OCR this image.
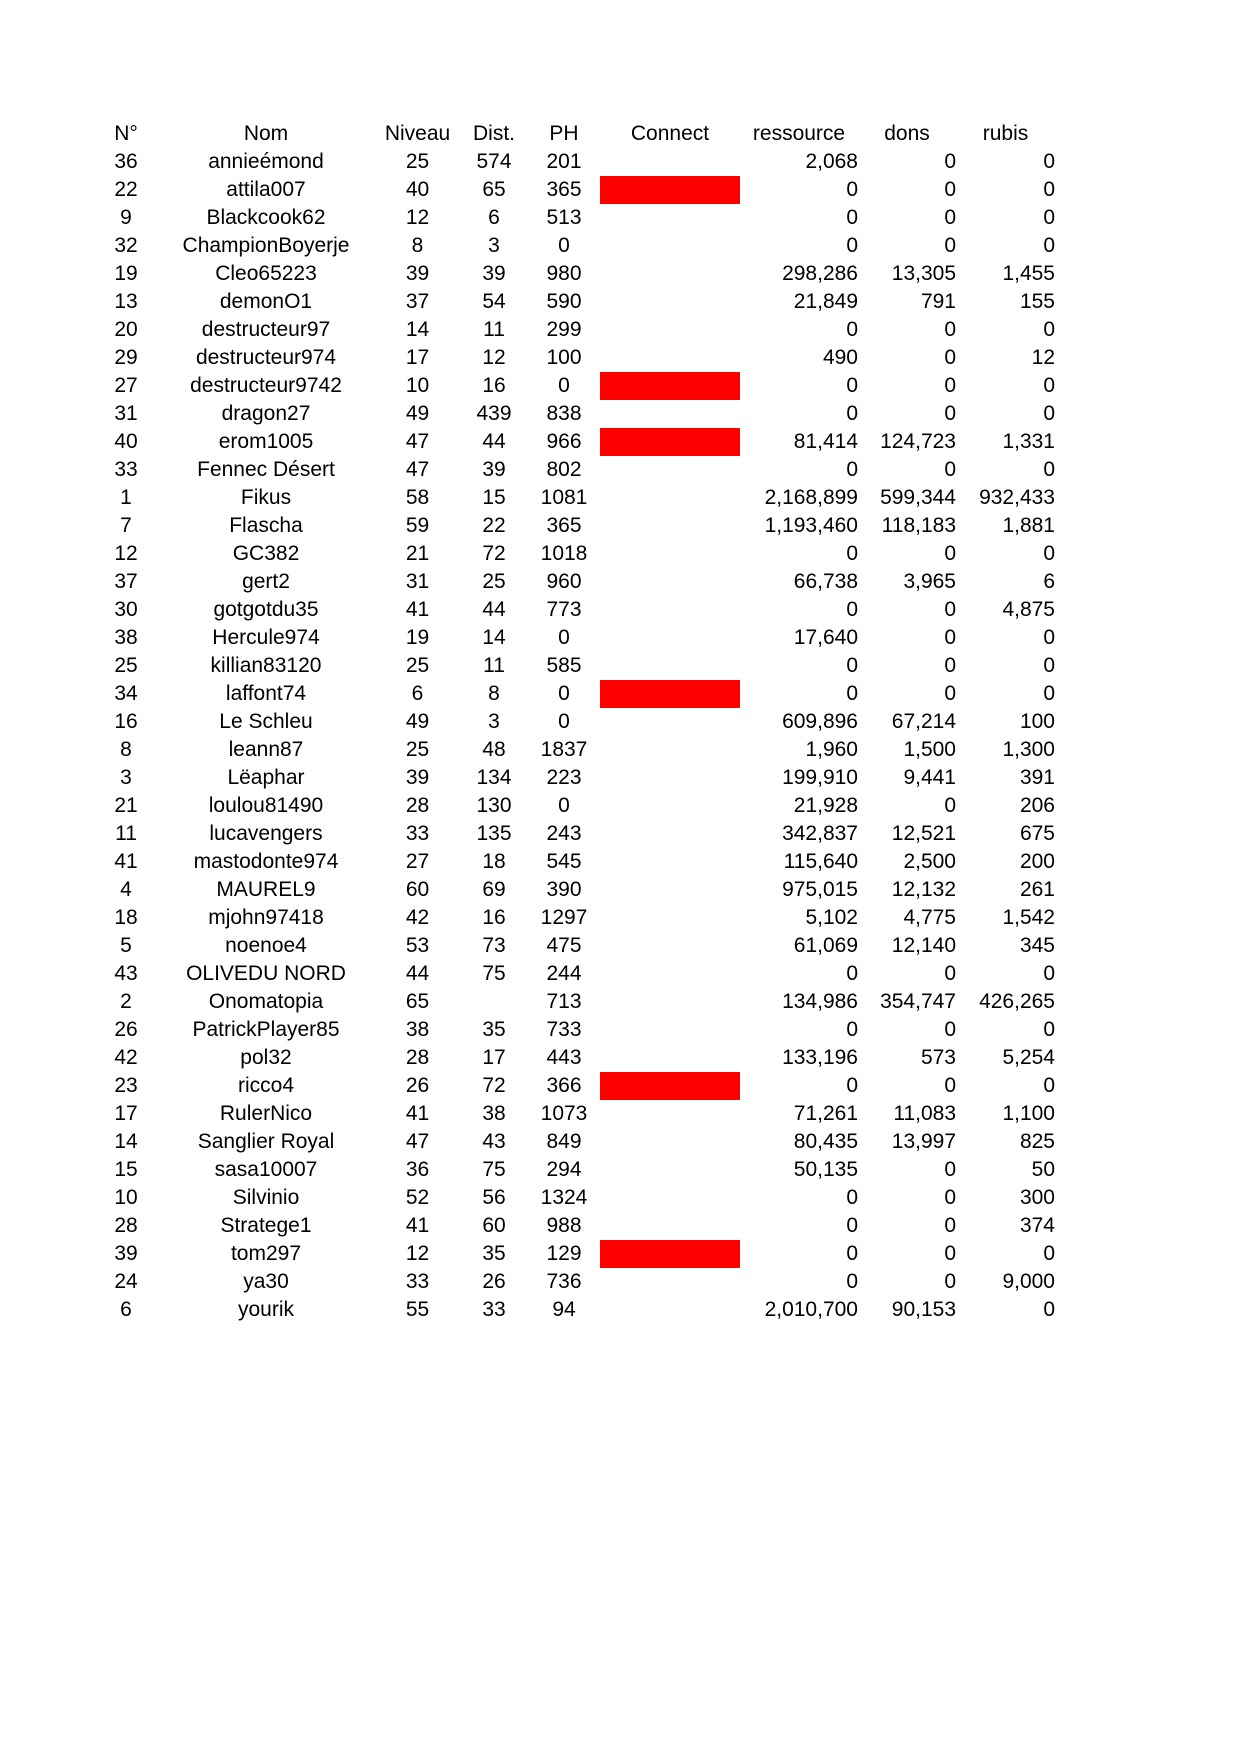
N°	Nom	Niveau	Dist.	PH	Connect	ressource	dons	rubis
36	annieémond	25	574	201		2,068	0	0
22	attila007	40	65	365		0	0	0
9	Blackcook62	12	6	513		0	0	0
32	ChampionBoyerje	8	3	0		0	0	0
19	Cleo65223	39	39	980		298,286	13,305	1,455
13	demonO1	37	54	590		21,849	791	155
20	destructeur97	14	11	299		0	0	0
29	destructeur974	17	12	100		490	0	12
27	destructeur9742	10	16	0		0	0	0
31	dragon27	49	439	838		0	0	0
40	erom1005	47	44	966		81,414	124,723	1,331
33	Fennec Désert	47	39	802		0	0	0
1	Fikus	58	15	1081		2,168,899	599,344	932,433
7	Flascha	59	22	365		1,193,460	118,183	1,881
12	GC382	21	72	1018		0	0	0
37	gert2	31	25	960		66,738	3,965	6
30	gotgotdu35	41	44	773		0	0	4,875
38	Hercule974	19	14	0		17,640	0	0
25	killian83120	25	11	585		0	0	0
34	laffont74	6	8	0		0	0	0
16	Le Schleu	49	3	0		609,896	67,214	100
8	leann87	25	48	1837		1,960	1,500	1,300
3	Lëaphar	39	134	223		199,910	9,441	391
21	loulou81490	28	130	0		21,928	0	206
11	lucavengers	33	135	243		342,837	12,521	675
41	mastodonte974	27	18	545		115,640	2,500	200
4	MAUREL9	60	69	390		975,015	12,132	261
18	mjohn97418	42	16	1297		5,102	4,775	1,542
5	noenoe4	53	73	475		61,069	12,140	345
43	OLIVEDU NORD	44	75	244		0	0	0
2	Onomatopia	65		713		134,986	354,747	426,265
26	PatrickPlayer85	38	35	733		0	0	0
42	pol32	28	17	443		133,196	573	5,254
23	ricco4	26	72	366		0	0	0
17	RulerNico	41	38	1073		71,261	11,083	1,100
14	Sanglier Royal	47	43	849		80,435	13,997	825
15	sasa10007	36	75	294		50,135	0	50
10	Silvinio	52	56	1324		0	0	300
28	Stratege1	41	60	988		0	0	374
39	tom297	12	35	129		0	0	0
24	ya30	33	26	736		0	0	9,000
6	yourik	55	33	94		2,010,700	90,153	0
